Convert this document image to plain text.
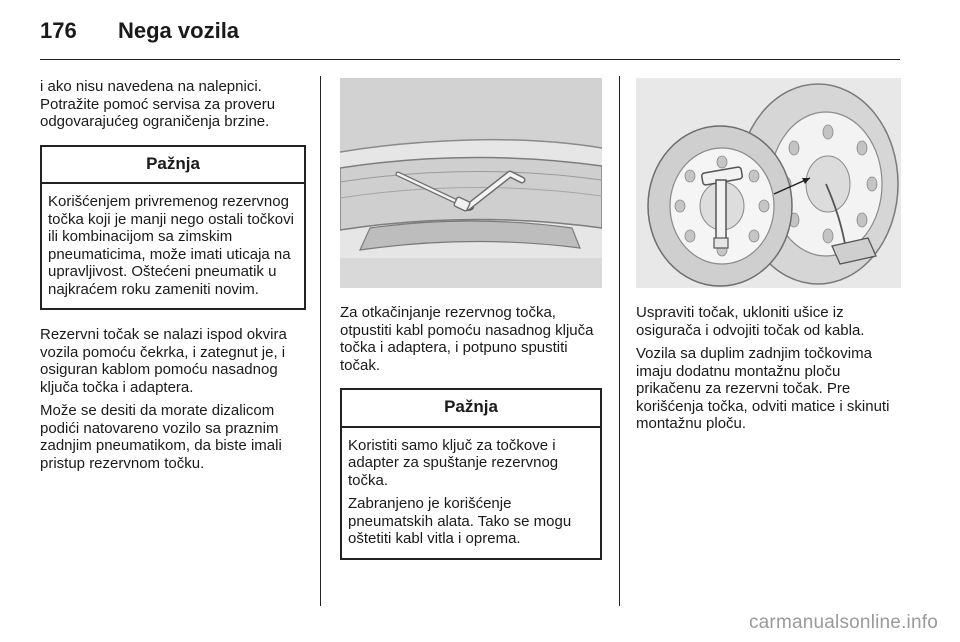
176 Nega vozila

i ako nisu navedena na nalepnici. Potražite pomoć servisa za proveru odgovarajućeg ograničenja brzine.

Pažnja

Korišćenjem privremenog rezervnog točka koji je manji nego ostali točkovi ili kombinacijom sa zimskim pneumaticima, može imati uticaja na upravljivost. Oštećeni pneumatik u najkraćem roku zameniti novim.

Rezervni točak se nalazi ispod okvira vozila pomoću čekrka, i zategnut je, i osiguran kablom pomoću nasadnog ključa točka i adaptera.

Može se desiti da morate dizalicom podići natovareno vozilo sa praznim zadnjim pneumatikom, da biste imali pristup rezervnom točku.

Za otkačinjanje rezervnog točka, otpustiti kabl pomoću nasadnog ključa točka i adaptera, i potpuno spustiti točak.

Pažnja

Koristiti samo ključ za točkove i adapter za spuštanje rezervnog točka.

Zabranjeno je korišćenje pneumatskih alata. Tako se mogu oštetiti kabl vitla i oprema.

Uspraviti točak, ukloniti ušice iz osigurača i odvojiti točak od kabla.

Vozila sa duplim zadnjim točkovima imaju dodatnu montažnu ploču prikačenu za rezervni točak. Pre korišćenja točka, odviti matice i skinuti montažnu ploču.

carmanualsonline.info
